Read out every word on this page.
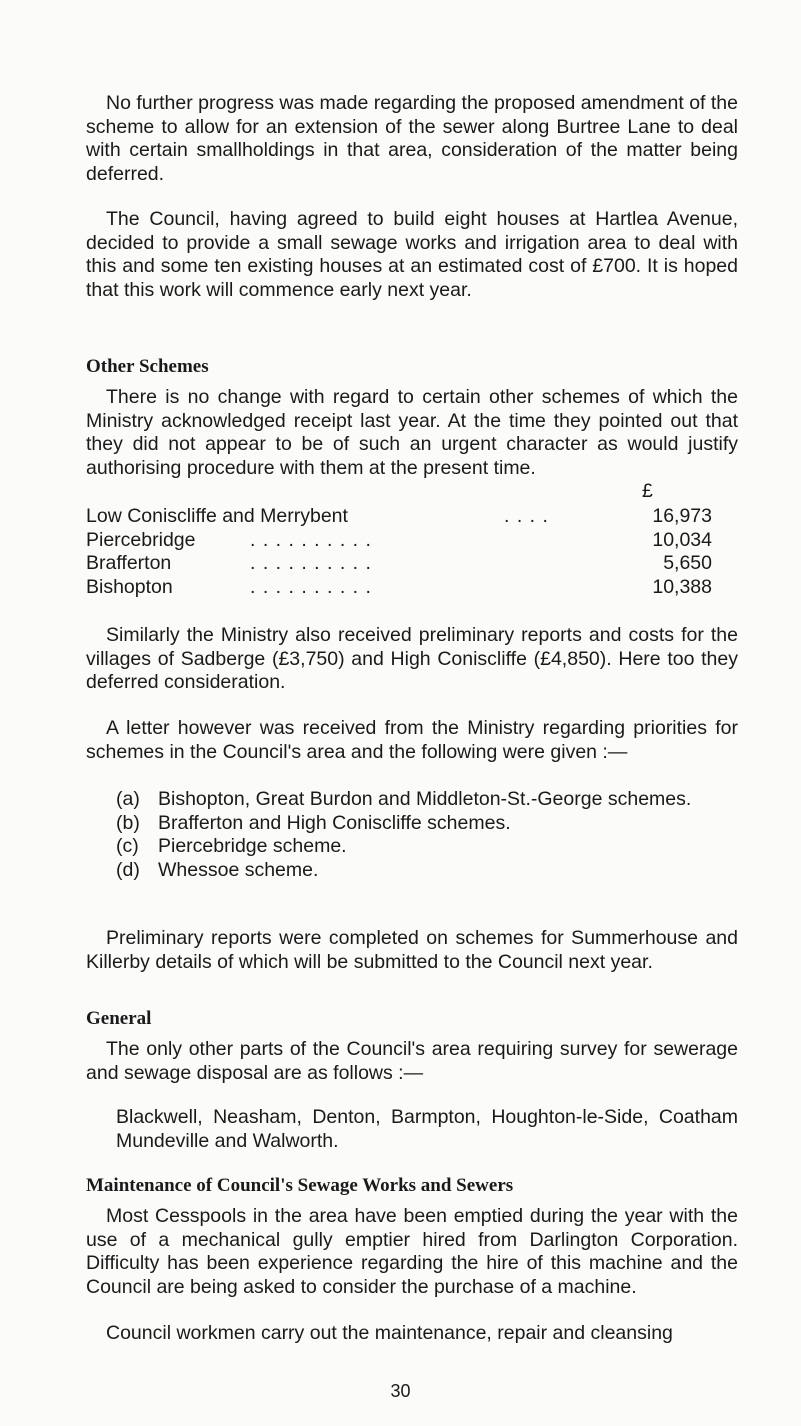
No further progress was made regarding the proposed amendment of the scheme to allow for an extension of the sewer along Burtree Lane to deal with certain smallholdings in that area, consideration of the matter being deferred.

The Council, having agreed to build eight houses at Hartlea Avenue, decided to provide a small sewage works and irrigation area to deal with this and some ten existing houses at an estimated cost of £700. It is hoped that this work will commence early next year.

Other Schemes

There is no change with regard to certain other schemes of which the Ministry acknowledged receipt last year. At the time they pointed out that they did not appear to be of such an urgent character as would justify authorising procedure with them at the present time.

£
Low Coniscliffe and Merrybent	. . . .	16,973
Piercebridge	. . . . . . . . . .	10,034
Brafferton	. . . . . . . . . .	5,650
Bishopton	. . . . . . . . . .	10,388

Similarly the Ministry also received preliminary reports and costs for the villages of Sadberge (£3,750) and High Coniscliffe (£4,850). Here too they deferred consideration.

A letter however was received from the Ministry regarding priorities for schemes in the Council's area and the following were given :—

(a) Bishopton, Great Burdon and Middleton-St.-George schemes.
(b) Brafferton and High Coniscliffe schemes.
(c) Piercebridge scheme.
(d) Whessoe scheme.

Preliminary reports were completed on schemes for Summerhouse and Killerby details of which will be submitted to the Council next year.

General

The only other parts of the Council's area requiring survey for sewerage and sewage disposal are as follows :—

Blackwell, Neasham, Denton, Barmpton, Houghton-le-Side, Coatham Mundeville and Walworth.

Maintenance of Council's Sewage Works and Sewers

Most Cesspools in the area have been emptied during the year with the use of a mechanical gully emptier hired from Darlington Corporation. Difficulty has been experience regarding the hire of this machine and the Council are being asked to consider the purchase of a machine.

Council workmen carry out the maintenance, repair and cleansing

30
